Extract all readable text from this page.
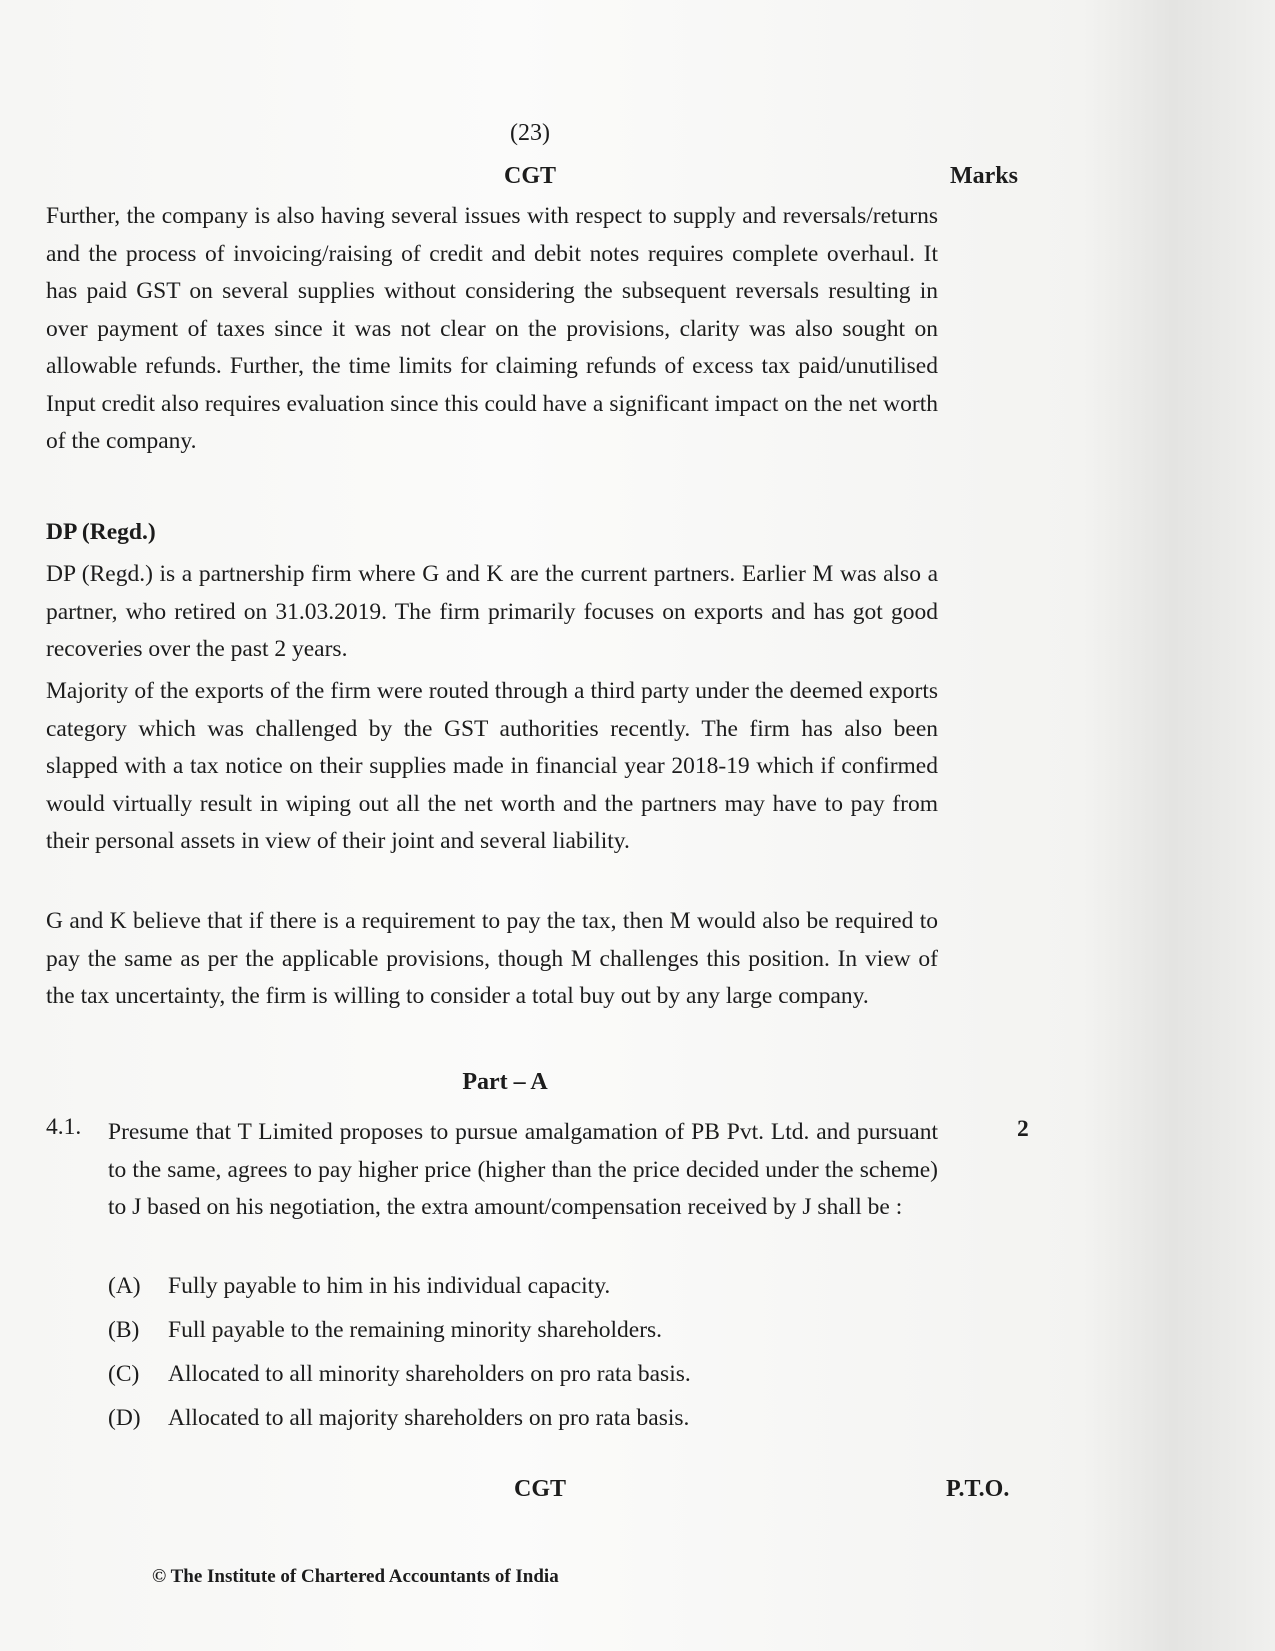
(23)
CGT	Marks

Further, the company is also having several issues with respect to supply and reversals/returns and the process of invoicing/raising of credit and debit notes requires complete overhaul. It has paid GST on several supplies without considering the subsequent reversals resulting in over payment of taxes since it was not clear on the provisions, clarity was also sought on allowable refunds. Further, the time limits for claiming refunds of excess tax paid/unutilised Input credit also requires evaluation since this could have a significant impact on the net worth of the company.

DP (Regd.)

DP (Regd.) is a partnership firm where G and K are the current partners. Earlier M was also a partner, who retired on 31.03.2019. The firm primarily focuses on exports and has got good recoveries over the past 2 years.

Majority of the exports of the firm were routed through a third party under the deemed exports category which was challenged by the GST authorities recently. The firm has also been slapped with a tax notice on their supplies made in financial year 2018-19 which if confirmed would virtually result in wiping out all the net worth and the partners may have to pay from their personal assets in view of their joint and several liability.

G and K believe that if there is a requirement to pay the tax, then M would also be required to pay the same as per the applicable provisions, though M challenges this position. In view of the tax uncertainty, the firm is willing to consider a total buy out by any large company.

Part – A
4.1. Presume that T Limited proposes to pursue amalgamation of PB Pvt. Ltd. and pursuant to the same, agrees to pay higher price (higher than the price decided under the scheme) to J based on his negotiation, the extra amount/compensation received by J shall be :

2
(A) Fully payable to him in his individual capacity.
(B) Full payable to the remaining minority shareholders.
(C) Allocated to all minority shareholders on pro rata basis.
(D) Allocated to all majority shareholders on pro rata basis.
CGT	P.T.O.
© The Institute of Chartered Accountants of India
